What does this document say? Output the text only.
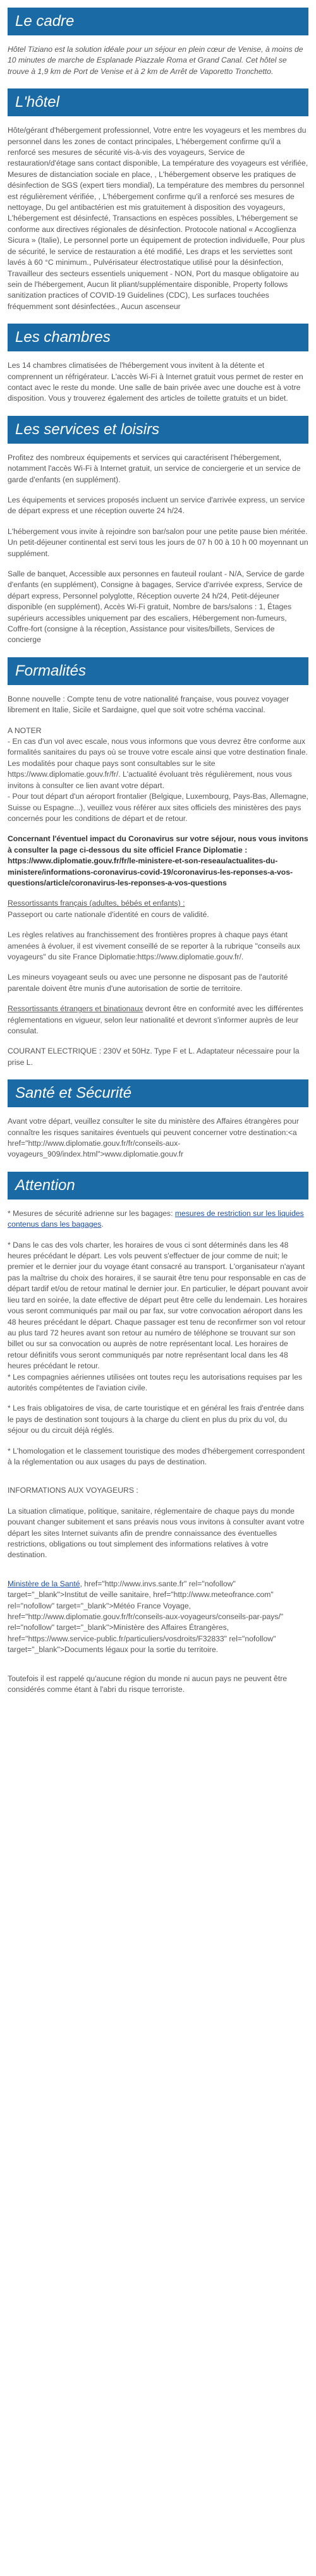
Le cadre

Hôtel Tiziano est la solution idéale pour un séjour en plein cœur de Venise, à moins de 10 minutes de marche de Esplanade Piazzale Roma et Grand Canal. Cet hôtel se trouve à 1,9 km de Port de Venise et à 2 km de Arrêt de Vaporetto Tronchetto.

L'hôtel

Hôte/gérant d'hébergement professionnel, Votre entre les voyageurs et les membres du personnel dans les zones de contact principales, L'hébergement confirme qu'il a renforcé ses mesures de sécurité vis-à-vis des voyageurs, Service de restauration/d'étage sans contact disponible, La température des voyageurs est vérifiée, Mesures de distanciation sociale en place, , L'hébergement observe les pratiques de désinfection de SGS (expert tiers mondial), La température des membres du personnel est régulièrement vérifiée, , L'hébergement confirme qu'il a renforcé ses mesures de nettoyage, Du gel antibactérien est mis gratuitement à disposition des voyageurs, L'hébergement est désinfecté, Transactions en espèces possibles, L'hébergement se conforme aux directives régionales de désinfection. Protocole national « Accoglienza Sicura » (Italie), Le personnel porte un équipement de protection individuelle, Pour plus de sécurité, le service de restauration a été modifié, Les draps et les serviettes sont lavés à 60 °C minimum., Pulvérisateur électrostatique utilisé pour la désinfection, Travailleur des secteurs essentiels uniquement - NON, Port du masque obligatoire au sein de l'hébergement, Aucun lit pliant/supplémentaire disponible, Property follows sanitization practices of COVID-19 Guidelines (CDC), Les surfaces touchées fréquemment sont désinfectées., Aucun ascenseur

Les chambres

Les 14 chambres climatisées de l'hébergement vous invitent à la détente et comprennent un réfrigérateur. L'accès Wi-Fi à Internet gratuit vous permet de rester en contact avec le reste du monde. Une salle de bain privée avec une douche est à votre disposition. Vous y trouverez également des articles de toilette gratuits et un bidet.

Les services et loisirs

Profitez des nombreux équipements et services qui caractérisent l'hébergement, notamment l'accès Wi-Fi à Internet gratuit, un service de conciergerie et un service de garde d'enfants (en supplément).

Les équipements et services proposés incluent un service d'arrivée express, un service de départ express et une réception ouverte 24 h/24.

L'hébergement vous invite à rejoindre son bar/salon pour une petite pause bien méritée. Un petit-déjeuner continental est servi tous les jours de 07 h 00 à 10 h 00 moyennant un supplément.

Salle de banquet, Accessible aux personnes en fauteuil roulant - N/A, Service de garde d'enfants (en supplément), Consigne à bagages, Service d'arrivée express, Service de départ express, Personnel polyglotte, Réception ouverte 24 h/24, Petit-déjeuner disponible (en supplément), Accès Wi-Fi gratuit, Nombre de bars/salons : 1, Étages supérieurs accessibles uniquement par des escaliers, Hébergement non-fumeurs, Coffre-fort (consigne à la réception, Assistance pour visites/billets, Services de concierge

Formalités

Bonne nouvelle : Compte tenu de votre nationalité française, vous pouvez voyager librement en Italie, Sicile et Sardaigne, quel que soit votre schéma vaccinal.

A NOTER

- En cas d'un vol avec escale, nous vous informons que vous devrez être conforme aux formalités sanitaires du pays où se trouve votre escale ainsi que votre destination finale.

Les modalités pour chaque pays sont consultables sur le site https://www.diplomatie.gouv.fr/fr/. L'actualité évoluant très régulièrement, nous vous invitons à consulter ce lien avant votre départ.

- Pour tout départ d'un aéroport frontalier (Belgique, Luxembourg, Pays-Bas, Allemagne, Suisse ou Espagne...), veuillez vous référer aux sites officiels des ministères des pays concernés pour les conditions de départ et de retour.

Concernant l'éventuel impact du Coronavirus sur votre séjour, nous vous invitons à consulter la page ci-dessous du site officiel France Diplomatie : https://www.diplomatie.gouv.fr/fr/le-ministere-et-son-reseau/actualites-du-ministere/informations-coronavirus-covid-19/coronavirus-les-reponses-a-vos-questions/article/coronavirus-les-reponses-a-vos-questions

Ressortissants français (adultes, bébés et enfants) :
Passeport ou carte nationale d'identité en cours de validité.

Les règles relatives au franchissement des frontières propres à chaque pays étant amenées à évoluer, il est vivement conseillé de se reporter à la rubrique "conseils aux voyageurs" du site France Diplomatie:https://www.diplomatie.gouv.fr/.

Les mineurs voyageant seuls ou avec une personne ne disposant pas de l'autorité parentale doivent être munis d'une autorisation de sortie de territoire.

Ressortissants étrangers et binationaux devront être en conformité avec les différentes réglementations en vigueur, selon leur nationalité et devront s'informer auprès de leur consulat.

COURANT ELECTRIQUE : 230V et 50Hz. Type F et L. Adaptateur nécessaire pour la prise L.

Santé et Sécurité

Avant votre départ, veuillez consulter le site du ministère des Affaires étrangères pour connaître les risques sanitaires éventuels qui peuvent concerner votre destination:<a href="http://www.diplomatie.gouv.fr/fr/conseils-aux-voyageurs_909/index.html">www.diplomatie.gouv.fr

Attention

* Mesures de sécurité adrienne sur les bagages: mesures de restriction sur les liquides contenus dans les bagages.

* Dans le cas des vols charter, les horaires de vous ci sont déterminés dans les 48 heures précédant le départ. Les vols peuvent s'effectuer de jour comme de nuit; le premier et le dernier jour du voyage étant consacré au transport. L'organisateur n'ayant pas la maîtrise du choix des horaires, il se saurait être tenu pour responsable en cas de départ tardif et/ou de retour matinal le dernier jour. En particulier, le départ pouvant avoir lieu tard en soirée, la date effective de départ peut être celle du lendemain. Les horaires vous seront communiqués par mail ou par fax, sur votre convocation aéroport dans les 48 heures précédant le départ. Chaque passager est tenu de reconfirmer son vol retour au plus tard 72 heures avant son retour au numéro de téléphone se trouvant sur son billet ou sur sa convocation ou auprès de notre représentant local. Les horaires de retour définitifs vous seront communiqués par notre représentant local dans les 48 heures précédant le retour.
* Les compagnies aériennes utilisées ont toutes reçu les autorisations requises par les autorités compétentes de l'aviation civile.

* Les frais obligatoires de visa, de carte touristique et en général les frais d'entrée dans le pays de destination sont toujours à la charge du client en plus du prix du vol, du séjour ou du circuit déjà réglés.

* L'homologation et le classement touristique des modes d'hébergement correspondent à la réglementation ou aux usages du pays de destination.

INFORMATIONS AUX VOYAGEURS :

La situation climatique, politique, sanitaire, réglementaire de chaque pays du monde pouvant changer subitement et sans préavis nous vous invitons à consulter avant votre départ les sites Internet suivants afin de prendre connaissance des éventuelles restrictions, obligations ou tout simplement des informations relatives à votre destination.

Ministère de la Santé, href="http://www.invs.sante.fr" rel="nofollow" target="_blank">Institut de veille sanitaire, href="http://www.meteofrance.com" rel="nofollow" target="_blank">Météo France Voyage, href="http://www.diplomatie.gouv.fr/fr/conseils-aux-voyageurs/conseils-par-pays/" rel="nofollow" target="_blank">Ministère des Affaires Étrangères, href="https://www.service-public.fr/particuliers/vosdroits/F32833" rel="nofollow" target="_blank">Documents légaux pour la sortie du territoire.

Toutefois il est rappelé qu'aucune région du monde ni aucun pays ne peuvent être considérés comme étant à l'abri du risque terroriste.
